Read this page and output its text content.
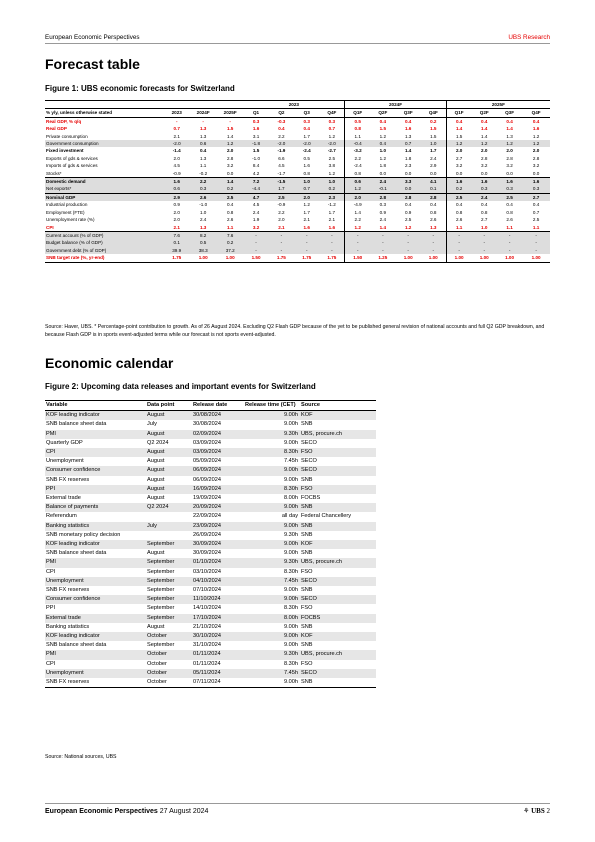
European Economic Perspectives	UBS Research
Forecast table
Figure 1: UBS economic forecasts for Switzerland
				2023				2024F				2025F			
% y/y, unless otherwise stated	2023	2024F	2025F	Q1	Q2	Q3	Q4F	Q1F	Q2F	Q3F	Q4F	Q1F	Q2F	Q3F	Q4F
Real GDP, % q/q	-	-	-	0.3	-0.3	0.3	0.3	0.5	0.4	0.4	0.2	0.4	0.4	0.4	0.4
Real GDP	0.7	1.3	1.5	1.6	0.4	0.4	0.7	0.8	1.5	1.6	1.5	1.4	1.4	1.4	1.6
Private consumption	2.1	1.3	1.4	3.1	2.2	1.7	1.2	1.1	1.2	1.3	1.5	1.5	1.4	1.3	1.2
Government consumption	-2.0	0.6	1.2	-1.8	-2.0	-2.0	-2.0	-0.4	0.4	0.7	1.0	1.2	1.2	1.2	1.2
Fixed investment	-1.4	0.4	2.0	1.5	-1.9	-2.4	-2.7	-3.2	1.0	1.4	1.7	2.0	2.0	2.0	2.0
Exports of gds & services	2.0	1.3	2.8	-1.0	6.6	0.5	2.5	2.2	1.2	1.8	2.4	2.7	2.8	2.8	2.8
Imports of gds & services	4.5	1.1	3.2	8.4	4.5	1.6	3.8	-2.4	1.8	2.3	2.9	3.2	3.2	3.2	3.2
Stocks*	-0.9	-0.2	0.0	4.2	-1.7	0.8	1.2	0.8	0.0	0.0	0.0	0.0	0.0	0.0	0.0
Domestic demand	1.6	2.2	1.4	7.2	-1.5	1.0	1.0	0.6	2.4	3.3	4.1	1.6	1.6	1.6	1.6
Net exports*	0.6	0.3	0.2	-4.4	1.7	0.7	0.2	1.2	-0.1	0.0	0.1	0.2	0.3	0.3	0.3
Nominal GDP	2.9	2.6	2.5	4.7	2.5	2.0	2.3	2.0	2.8	2.8	2.8	2.5	2.4	2.5	2.7
Industrial production	0.9	-1.0	0.4	4.5	-0.9	1.2	-1.2	-4.9	0.3	0.4	0.4	0.4	0.4	0.4	0.4
Employment (FTE)	2.0	1.0	0.8	2.4	2.2	1.7	1.7	1.4	0.9	0.9	0.8	0.8	0.8	0.8	0.7
Unemployment rate (%)	2.0	2.4	2.6	1.9	2.0	2.1	2.1	2.2	2.4	2.5	2.6	2.6	2.7	2.6	2.5
CPI	2.1	1.3	1.1	3.2	2.1	1.6	1.6	1.2	1.4	1.2	1.3	1.1	1.0	1.1	1.1
Current account (% of GDP)	7.6	8.2	7.6	-	-	-	-	-	-	-	-	-	-	-	-
Budget balance (% of GDP)	0.1	0.5	0.2	-	-	-	-	-	-	-	-	-	-	-	-
Government debt (% of GDP)	39.9	38.3	37.2	-	-	-	-	-	-	-	-	-	-	-	-
SNB target rate (%, yr-end)	1.75	1.00	1.00	1.50	1.75	1.75	1.75	1.50	1.25	1.00	1.00	1.00	1.00	1.00	1.00
Source: Haver, UBS. * Percentage-point contribution to growth. As of 26 August 2024. Excluding Q2 Flash GDP because of the yet to be published general revision of national accounts and full Q2 GDP breakdown, and because Flash GDP is in sports event-adjusted terms while our forecast is not sports event-adjusted.
Economic calendar
Figure 2: Upcoming data releases and important events for Switzerland
Variable	Data point	Release date	Release time (CET)	Source
KOF leading indicator	August	30/08/2024	9.00h	KOF
SNB balance sheet data	July	30/08/2024	9.00h	SNB
PMI	August	02/09/2024	9.30h	UBS, procure.ch
Quarterly GDP	Q2 2024	03/09/2024	9.00h	SECO
CPI	August	03/09/2024	8.30h	FSO
Unemployment	August	05/09/2024	7.45h	SECO
Consumer confidence	August	06/09/2024	9.00h	SECO
SNB FX reserves	August	06/09/2024	9.00h	SNB
PPI	August	16/09/2024	8.30h	FSO
External trade	August	19/09/2024	8.00h	FOCBS
Balance of payments	Q2 2024	20/09/2024	9.00h	SNB
Referendum		22/09/2024	all day	Federal Chancellery
Banking statistics	July	23/09/2024	9.00h	SNB
SNB monetary policy decision		26/09/2024	9.30h	SNB
KOF leading indicator	September	30/09/2024	9.00h	KOF
SNB balance sheet data	August	30/09/2024	9.00h	SNB
PMI	September	01/10/2024	9.30h	UBS, procure.ch
CPI	September	03/10/2024	8.30h	FSO
Unemployment	September	04/10/2024	7.45h	SECO
SNB FX reserves	September	07/10/2024	9.00h	SNB
Consumer confidence	September	11/10/2024	9.00h	SECO
PPI	September	14/10/2024	8.30h	FSO
External trade	September	17/10/2024	8.00h	FOCBS
Banking statistics	August	21/10/2024	9.00h	SNB
KOF leading indicator	October	30/10/2024	9.00h	KOF
SNB balance sheet data	September	31/10/2024	9.00h	SNB
PMI	October	01/11/2024	9.30h	UBS, procure.ch
CPI	October	01/11/2024	8.30h	FSO
Unemployment	October	05/11/2024	7.45h	SECO
SNB FX reserves	October	07/11/2024	9.00h	SNB
Source: National sources, UBS
European Economic Perspectives 27 August 2024	⚘ UBS 2
